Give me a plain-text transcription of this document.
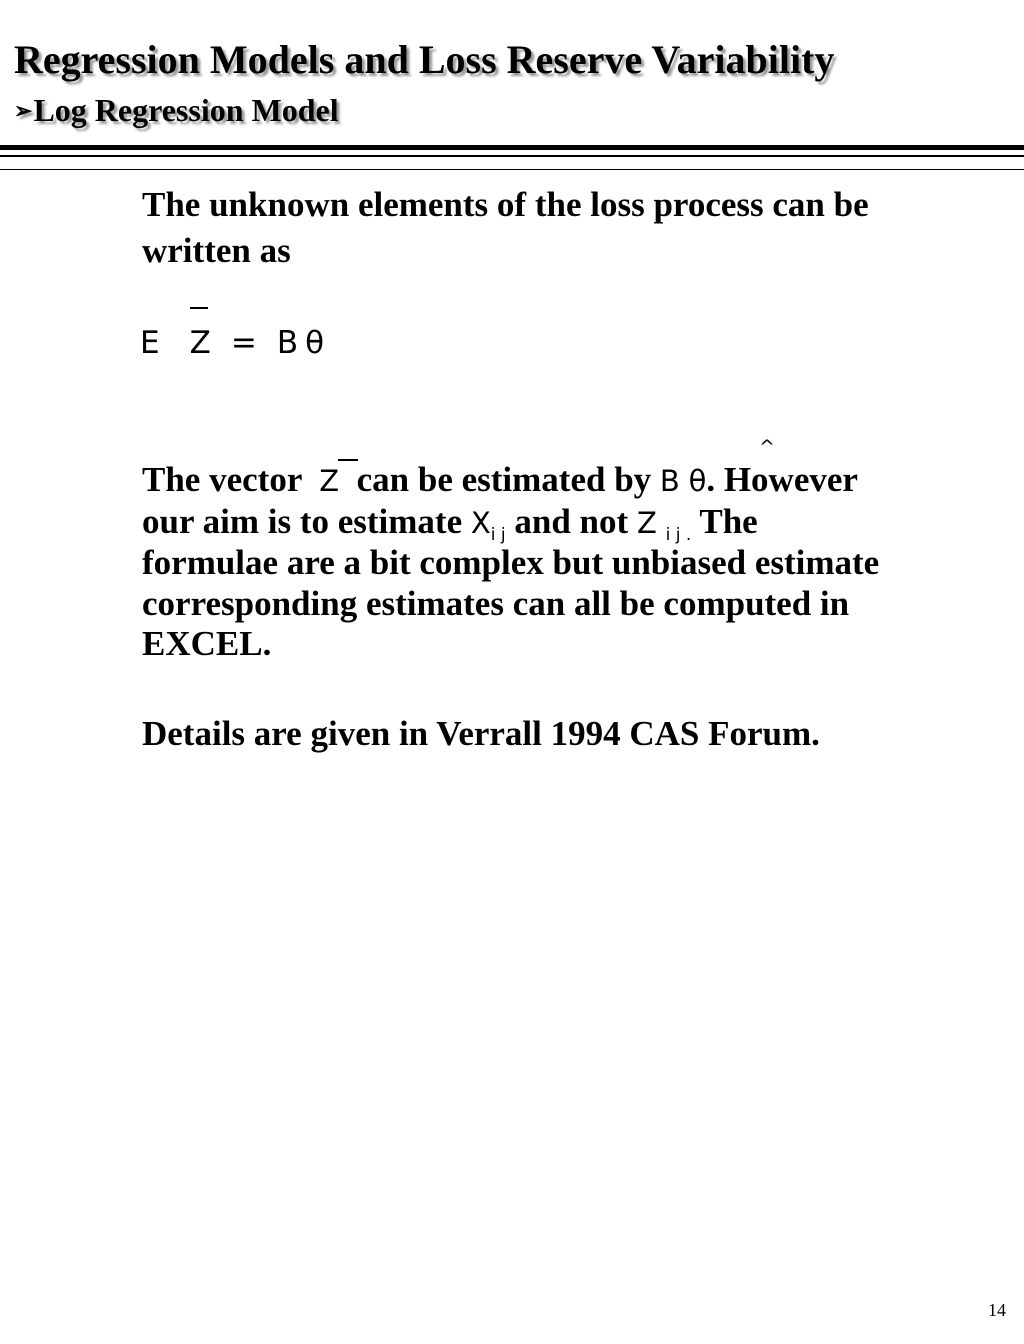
Regression Models and Loss Reserve Variability
➢Log Regression Model
The unknown elements of the loss process can be
written as
E Z = B θ
^
The vector  Z can be estimated by B θ. However
our aim is to estimate $X_{i j}$ and not Z $_{i j .}$ The
formulae are a bit complex but unbiased estimate
corresponding estimates can all be computed in
EXCEL.
Details are given in Verrall 1994 CAS Forum.
14
